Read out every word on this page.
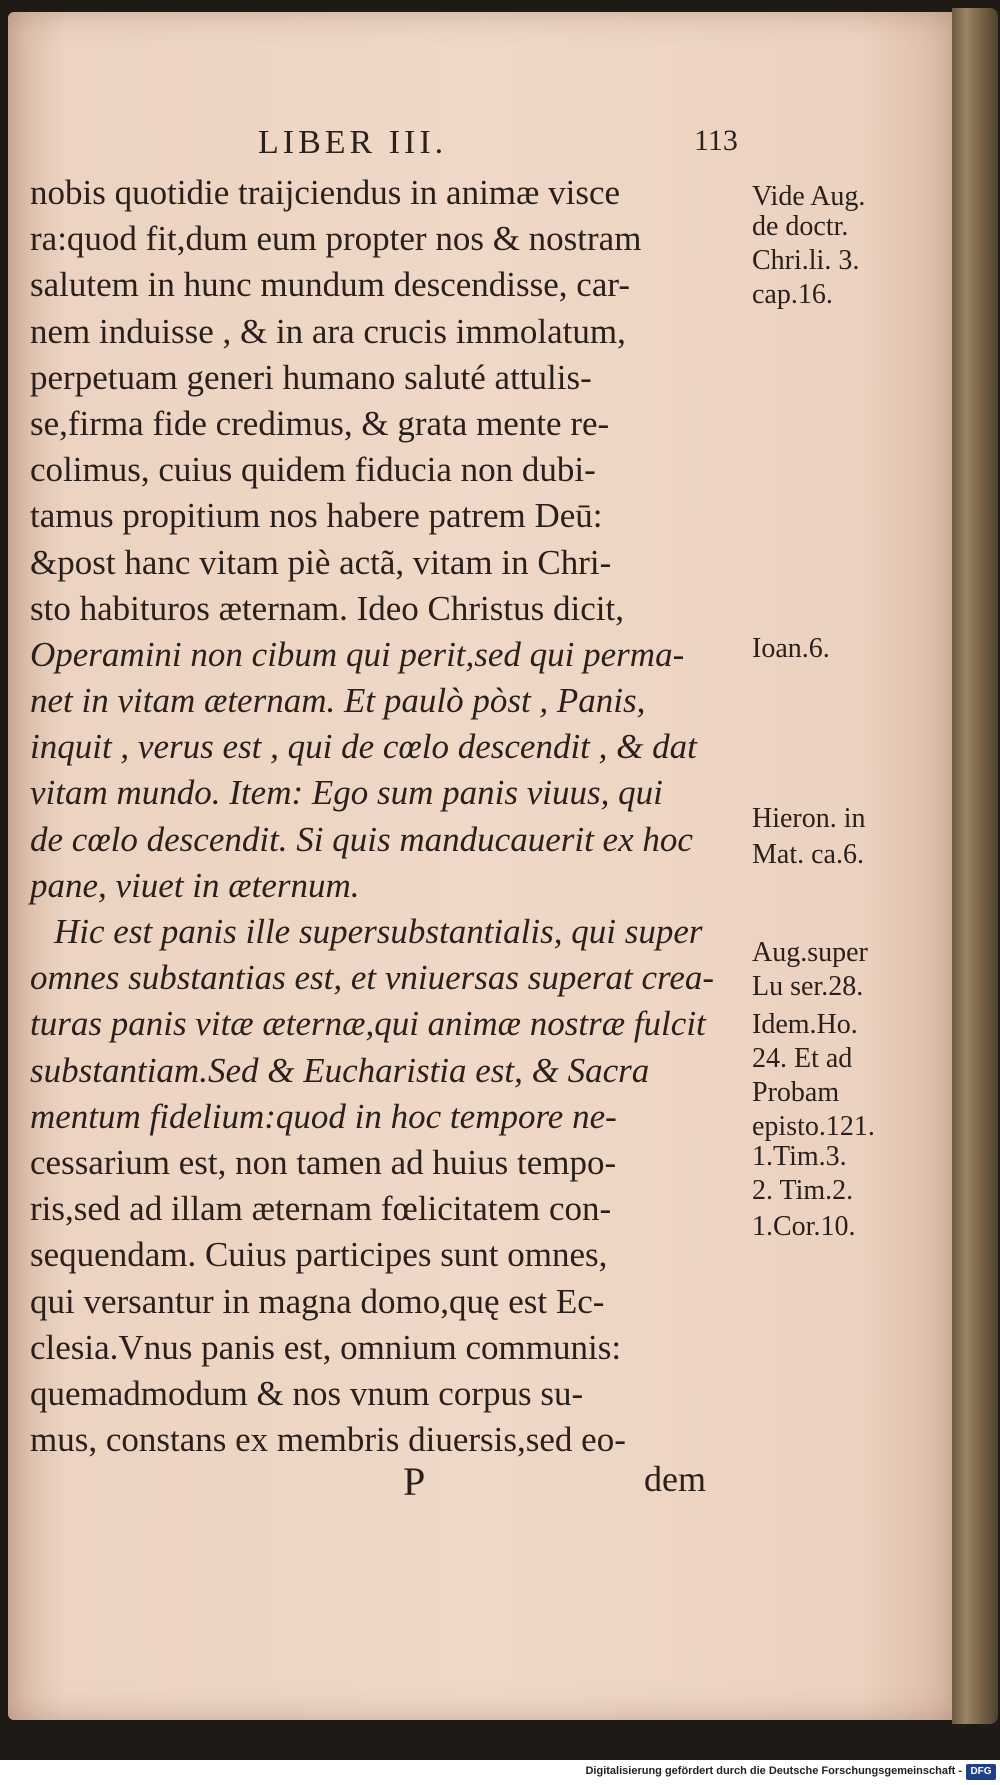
LIBER III.	113
nobis quotidie traijciendus in animæ visce
ra:quod fit,dum eum propter nos & nostram
salutem in hunc mundum descendisse, car-
nem induisse , & in ara crucis immolatum,
perpetuam generi humano saluté attulis-
se,firma fide credimus, & grata mente re-
colimus, cuius quidem fiducia non dubi-
tamus propitium nos habere patrem Deū:
&post hanc vitam piè actã, vitam in Chri-
sto habituros æternam. Ideo Christus dicit,
Operamini non cibum qui perit,sed qui perma-
net in vitam æternam. Et paulò pòst , Panis,
inquit , verus est , qui de cœlo descendit , & dat
vitam mundo. Item: Ego sum panis viuus, qui
de cœlo descendit. Si quis manducauerit ex hoc
pane, viuet in æternum.
Hic est panis ille supersubstantialis, qui super
omnes substantias est, et vniuersas superat crea-
turas panis vitæ æternæ,qui animæ nostræ fulcit
substantiam.Sed & Eucharistia est, & Sacra
mentum fidelium:quod in hoc tempore ne-
cessarium est, non tamen ad huius tempo-
ris,sed ad illam æternam fœlicitatem con-
sequendam. Cuius participes sunt omnes,
qui versantur in magna domo,quę est Ec-
clesia.Vnus panis est, omnium communis:
quemadmodum & nos vnum corpus su-
mus, constans ex membris diuersis,sed eo-
Vide Aug.
de doctr.
Chri.li. 3.
cap.16.
Ioan.6.
Hieron. in
Mat. ca.6.
Aug.super
Lu ser.28.
Idem.Ho.
24. Et ad
Probam
episto.121.
1.Tim.3.
2. Tim.2.
1.Cor.10.
P	dem
Digitalisierung gefördert durch die Deutsche Forschungsgemeinschaft - DFG
